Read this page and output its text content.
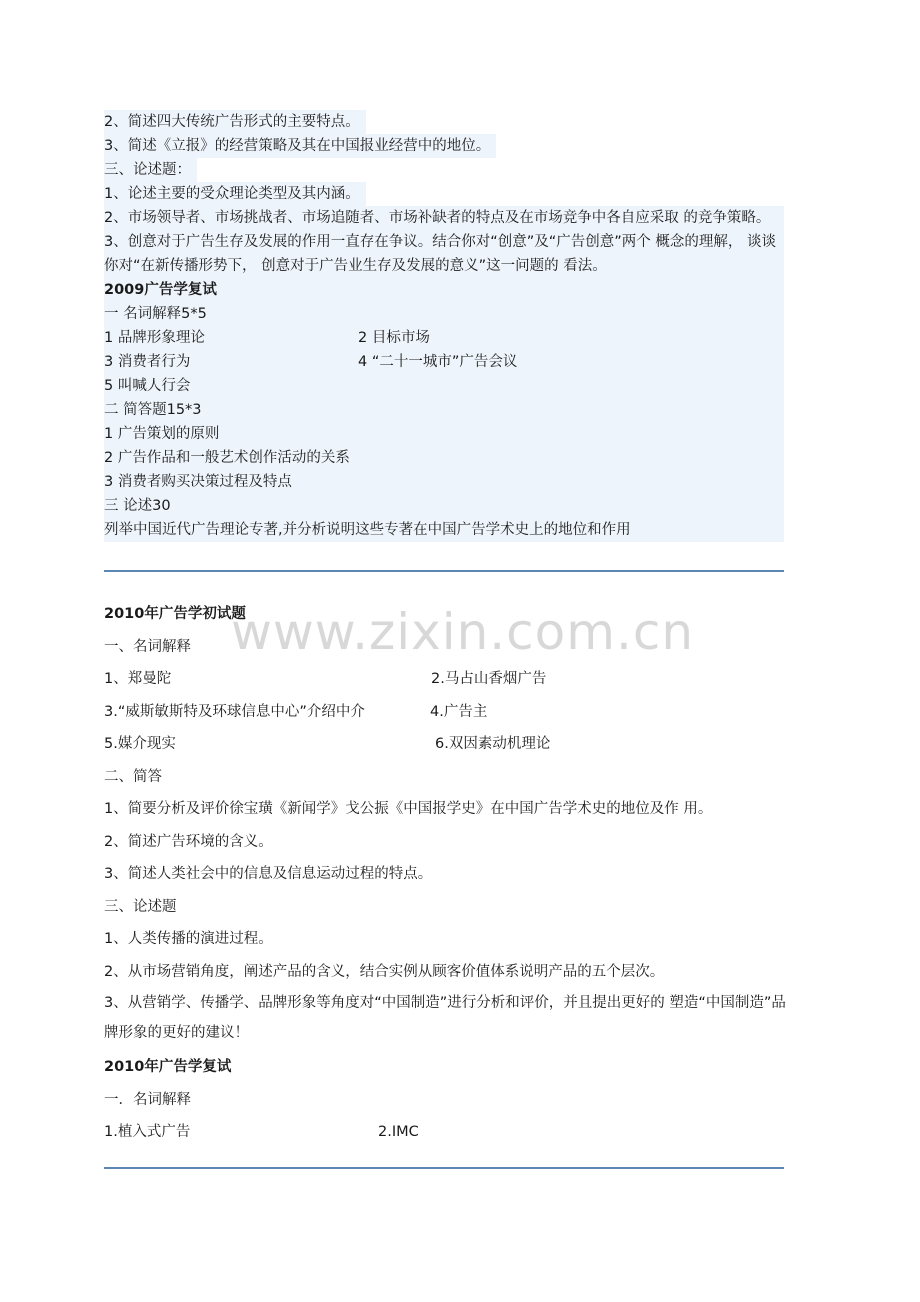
2、简述四大传统广告形式的主要特点。
3、简述《立报》的经营策略及其在中国报业经营中的地位。
三、论述题：
1、论述主要的受众理论类型及其内涵。
2、市场领导者、市场挑战者、市场追随者、市场补缺者的特点及在市场竞争中各自应采取 的竞争策略。
3、创意对于广告生存及发展的作用一直存在争议。结合你对“创意”及“广告创意”两个 概念的理解， 谈谈你对“在新传播形势下， 创意对于广告业生存及发展的意义”这一问题的 看法。
2009广告学复试
一 名词解释5*5
1 品牌形象理论	2 目标市场
3 消费者行为	4 “二十一城市”广告会议
5 叫喊人行会
二 简答题15*3
1 广告策划的原则
2 广告作品和一般艺术创作活动的关系
3 消费者购买决策过程及特点
三 论述30
列举中国近代广告理论专著,并分析说明这些专著在中国广告学术史上的地位和作用
www.zixin.com.cn
2010年广告学初试题
一、名词解释
1、郑曼陀	2.马占山香烟广告
3.“威斯敏斯特及环球信息中心”介绍中介	4.广告主
5.媒介现实	6.双因素动机理论
二、简答
1、简要分析及评价徐宝璜《新闻学》戈公振《中国报学史》在中国广告学术史的地位及作 用。
2、简述广告环境的含义。
3、简述人类社会中的信息及信息运动过程的特点。
三、论述题
1、人类传播的演进过程。
2、从市场营销角度，阐述产品的含义，结合实例从顾客价值体系说明产品的五个层次。
3、从营销学、传播学、品牌形象等角度对“中国制造”进行分析和评价，并且提出更好的 塑造“中国制造”品牌形象的更好的建议！
2010年广告学复试
一．名词解释
1.植入式广告	2.IMC
